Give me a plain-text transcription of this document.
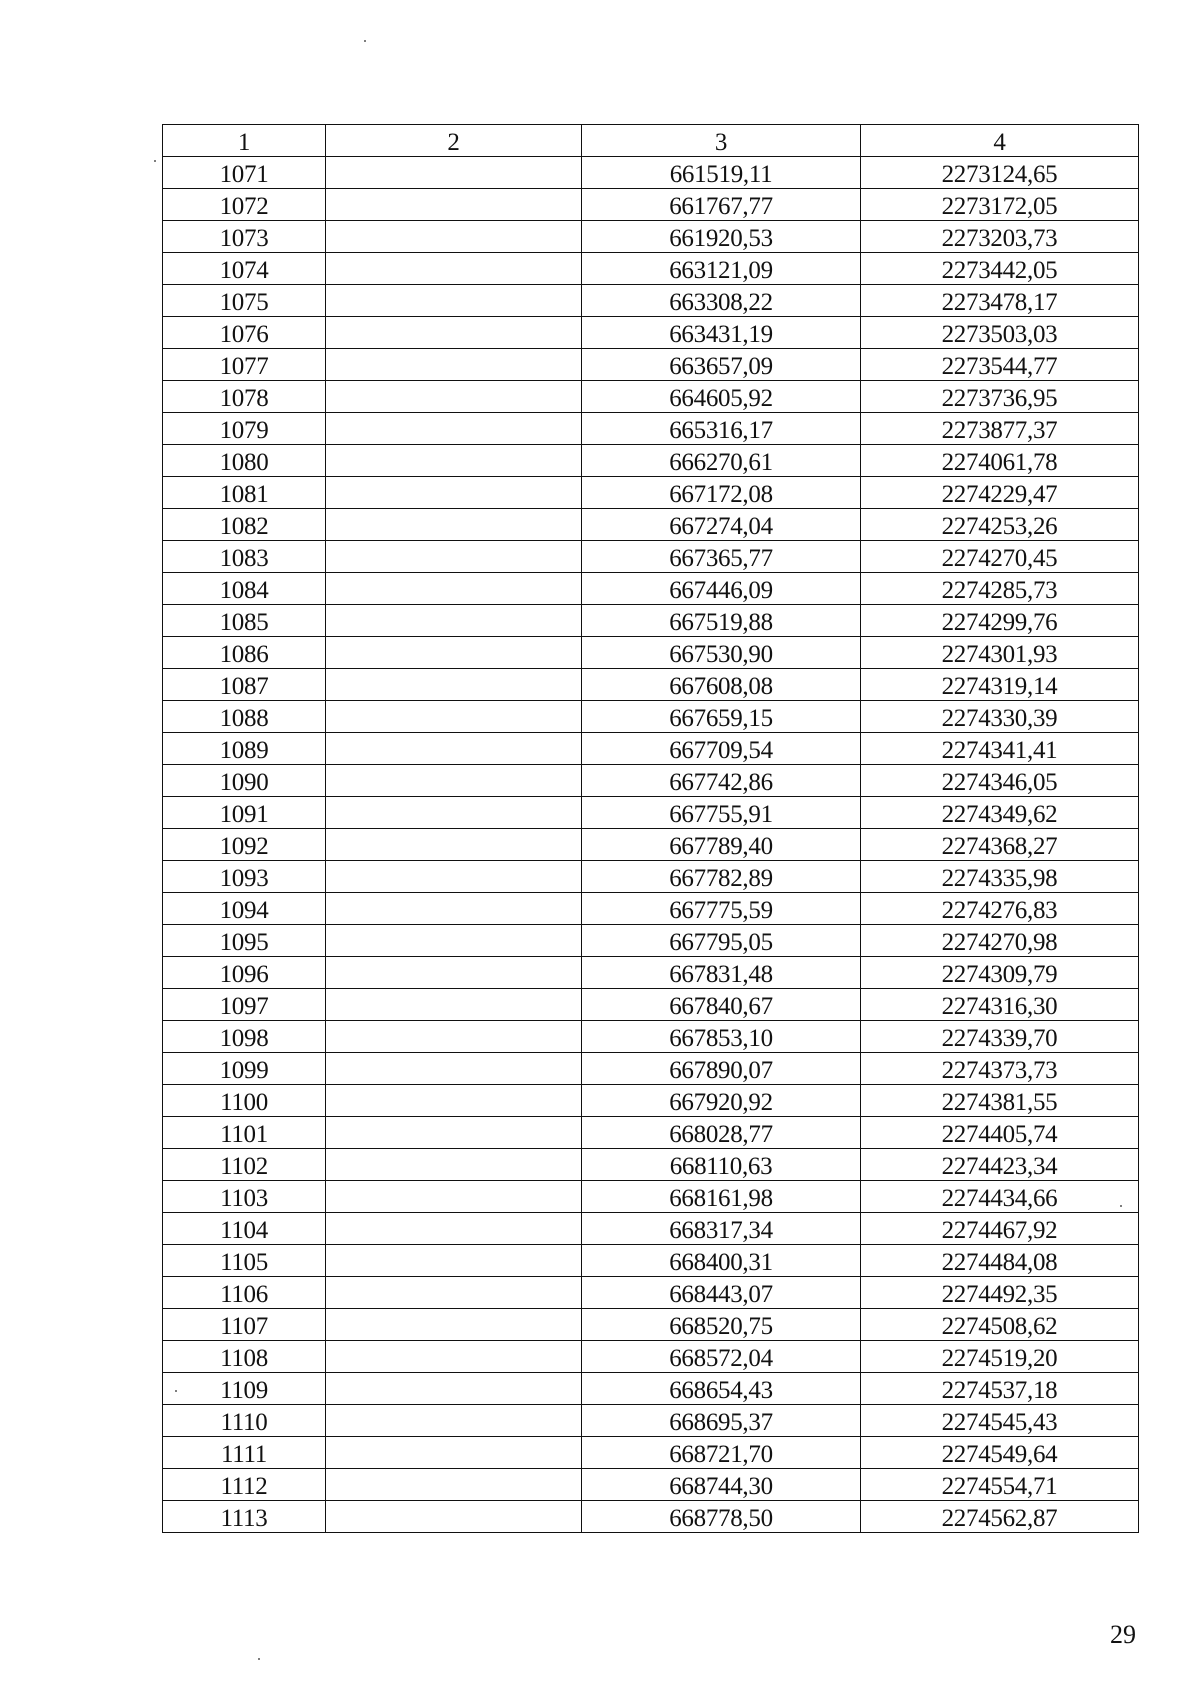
1	2	3	4
1071		661519,11	2273124,65
1072		661767,77	2273172,05
1073		661920,53	2273203,73
1074		663121,09	2273442,05
1075		663308,22	2273478,17
1076		663431,19	2273503,03
1077		663657,09	2273544,77
1078		664605,92	2273736,95
1079		665316,17	2273877,37
1080		666270,61	2274061,78
1081		667172,08	2274229,47
1082		667274,04	2274253,26
1083		667365,77	2274270,45
1084		667446,09	2274285,73
1085		667519,88	2274299,76
1086		667530,90	2274301,93
1087		667608,08	2274319,14
1088		667659,15	2274330,39
1089		667709,54	2274341,41
1090		667742,86	2274346,05
1091		667755,91	2274349,62
1092		667789,40	2274368,27
1093		667782,89	2274335,98
1094		667775,59	2274276,83
1095		667795,05	2274270,98
1096		667831,48	2274309,79
1097		667840,67	2274316,30
1098		667853,10	2274339,70
1099		667890,07	2274373,73
1100		667920,92	2274381,55
1101		668028,77	2274405,74
1102		668110,63	2274423,34
1103		668161,98	2274434,66
1104		668317,34	2274467,92
1105		668400,31	2274484,08
1106		668443,07	2274492,35
1107		668520,75	2274508,62
1108		668572,04	2274519,20
1109		668654,43	2274537,18
1110		668695,37	2274545,43
1111		668721,70	2274549,64
1112		668744,30	2274554,71
1113		668778,50	2274562,87
29
